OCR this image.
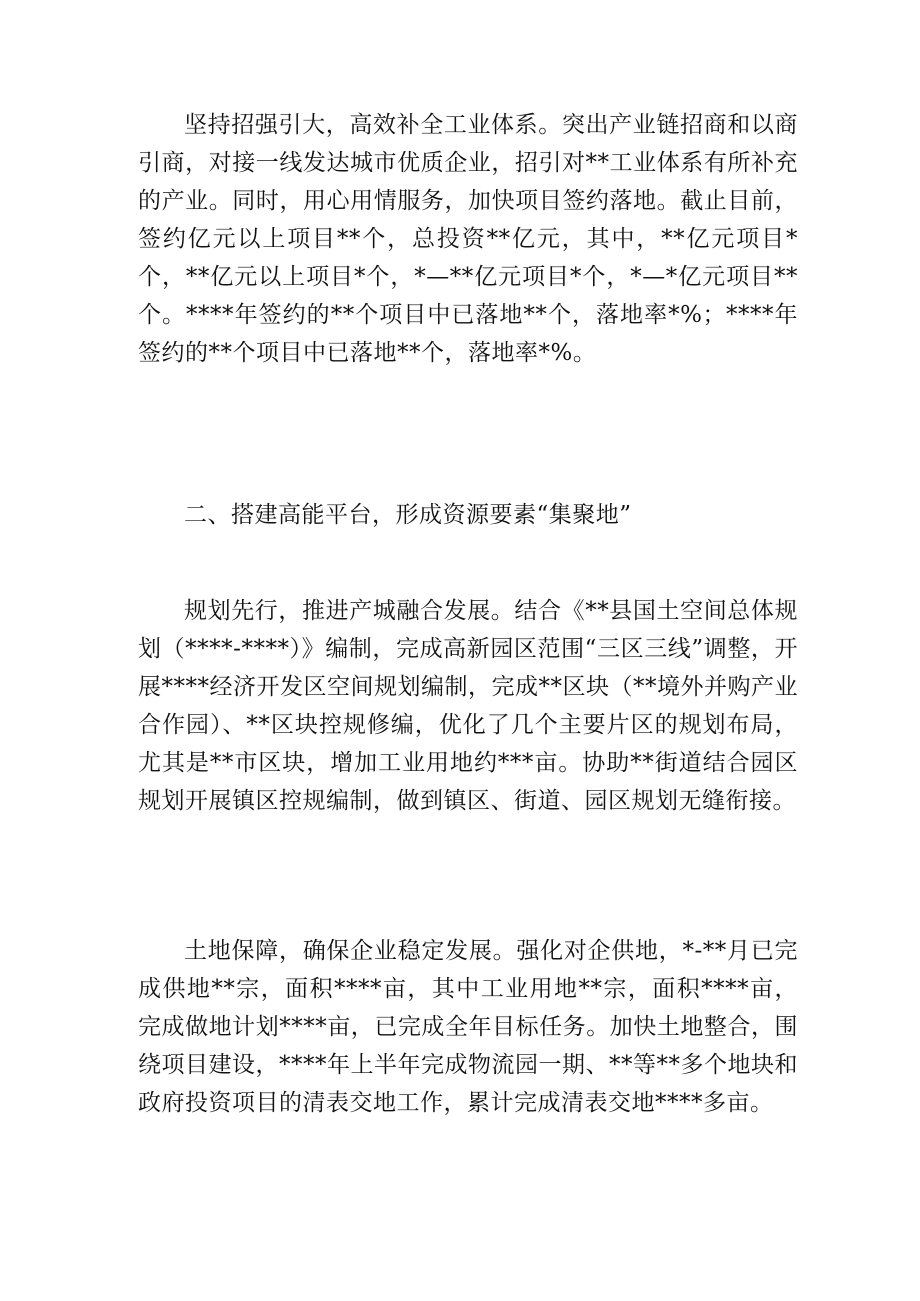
坚持招强引大，高效补全工业体系。突出产业链招商和以商引商，对接一线发达城市优质企业，招引对**工业体系有所补充的产业。同时，用心用情服务，加快项目签约落地。截止目前，签约亿元以上项目**个，总投资**亿元，其中，**亿元项目*个，**亿元以上项目*个，*—**亿元项目*个，*—*亿元项目**个。****年签约的**个项目中已落地**个，落地率*%；****年签约的**个项目中已落地**个，落地率*%。

二、搭建高能平台，形成资源要素“集聚地”

规划先行，推进产城融合发展。结合《**县国土空间总体规划（****-****）》编制，完成高新园区范围“三区三线”调整，开展****经济开发区空间规划编制，完成**区块（**境外并购产业合作园）、**区块控规修编，优化了几个主要片区的规划布局，尤其是**市区块，增加工业用地约***亩。协助**街道结合园区规划开展镇区控规编制，做到镇区、街道、园区规划无缝衔接。

土地保障，确保企业稳定发展。强化对企供地，*-**月已完成供地**宗，面积****亩，其中工业用地**宗，面积****亩，完成做地计划****亩，已完成全年目标任务。加快土地整合，围绕项目建设，****年上半年完成物流园一期、**等**多个地块和政府投资项目的清表交地工作，累计完成清表交地****多亩。
